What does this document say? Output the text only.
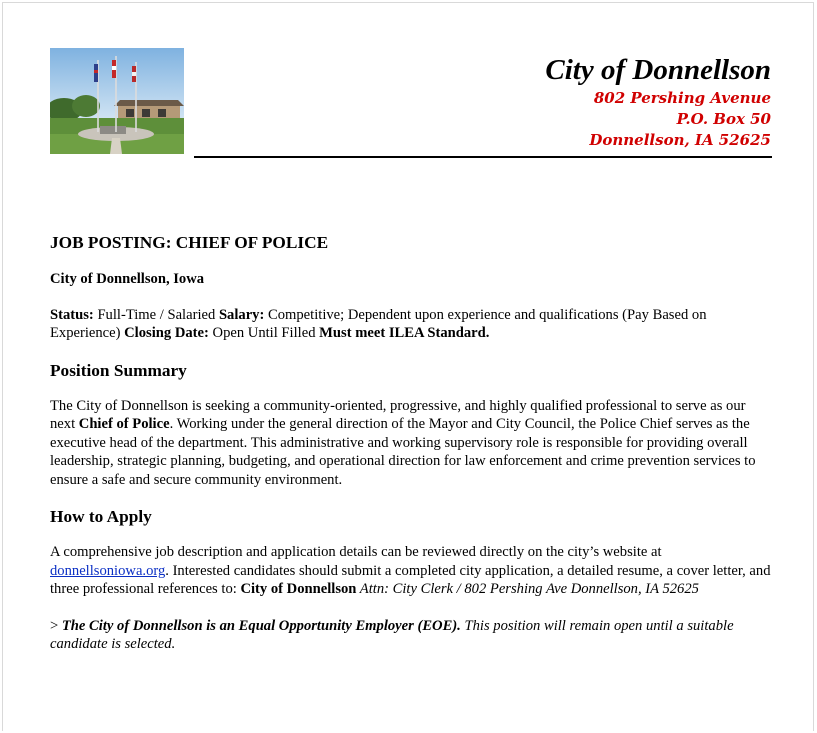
City of Donnellson
802 Pershing Avenue
P.O. Box 50
Donnellson, IA 52625
JOB POSTING: CHIEF OF POLICE

City of Donnellson, Iowa

Status: Full-Time / Salaried Salary: Competitive; Dependent upon experience and qualifications (Pay Based on Experience) Closing Date: Open Until Filled Must meet ILEA Standard.

Position Summary

The City of Donnellson is seeking a community-oriented, progressive, and highly qualified professional to serve as our next Chief of Police. Working under the general direction of the Mayor and City Council, the Police Chief serves as the executive head of the department. This administrative and working supervisory role is responsible for providing overall leadership, strategic planning, budgeting, and operational direction for law enforcement and crime prevention services to ensure a safe and secure community environment.

How to Apply

A comprehensive job description and application details can be reviewed directly on the city’s website at donnellsoniowa.org. Interested candidates should submit a completed city application, a detailed resume, a cover letter, and three professional references to: City of Donnellson Attn: City Clerk / 802 Pershing Ave Donnellson, IA 52625

> The City of Donnellson is an Equal Opportunity Employer (EOE). This position will remain open until a suitable candidate is selected.
